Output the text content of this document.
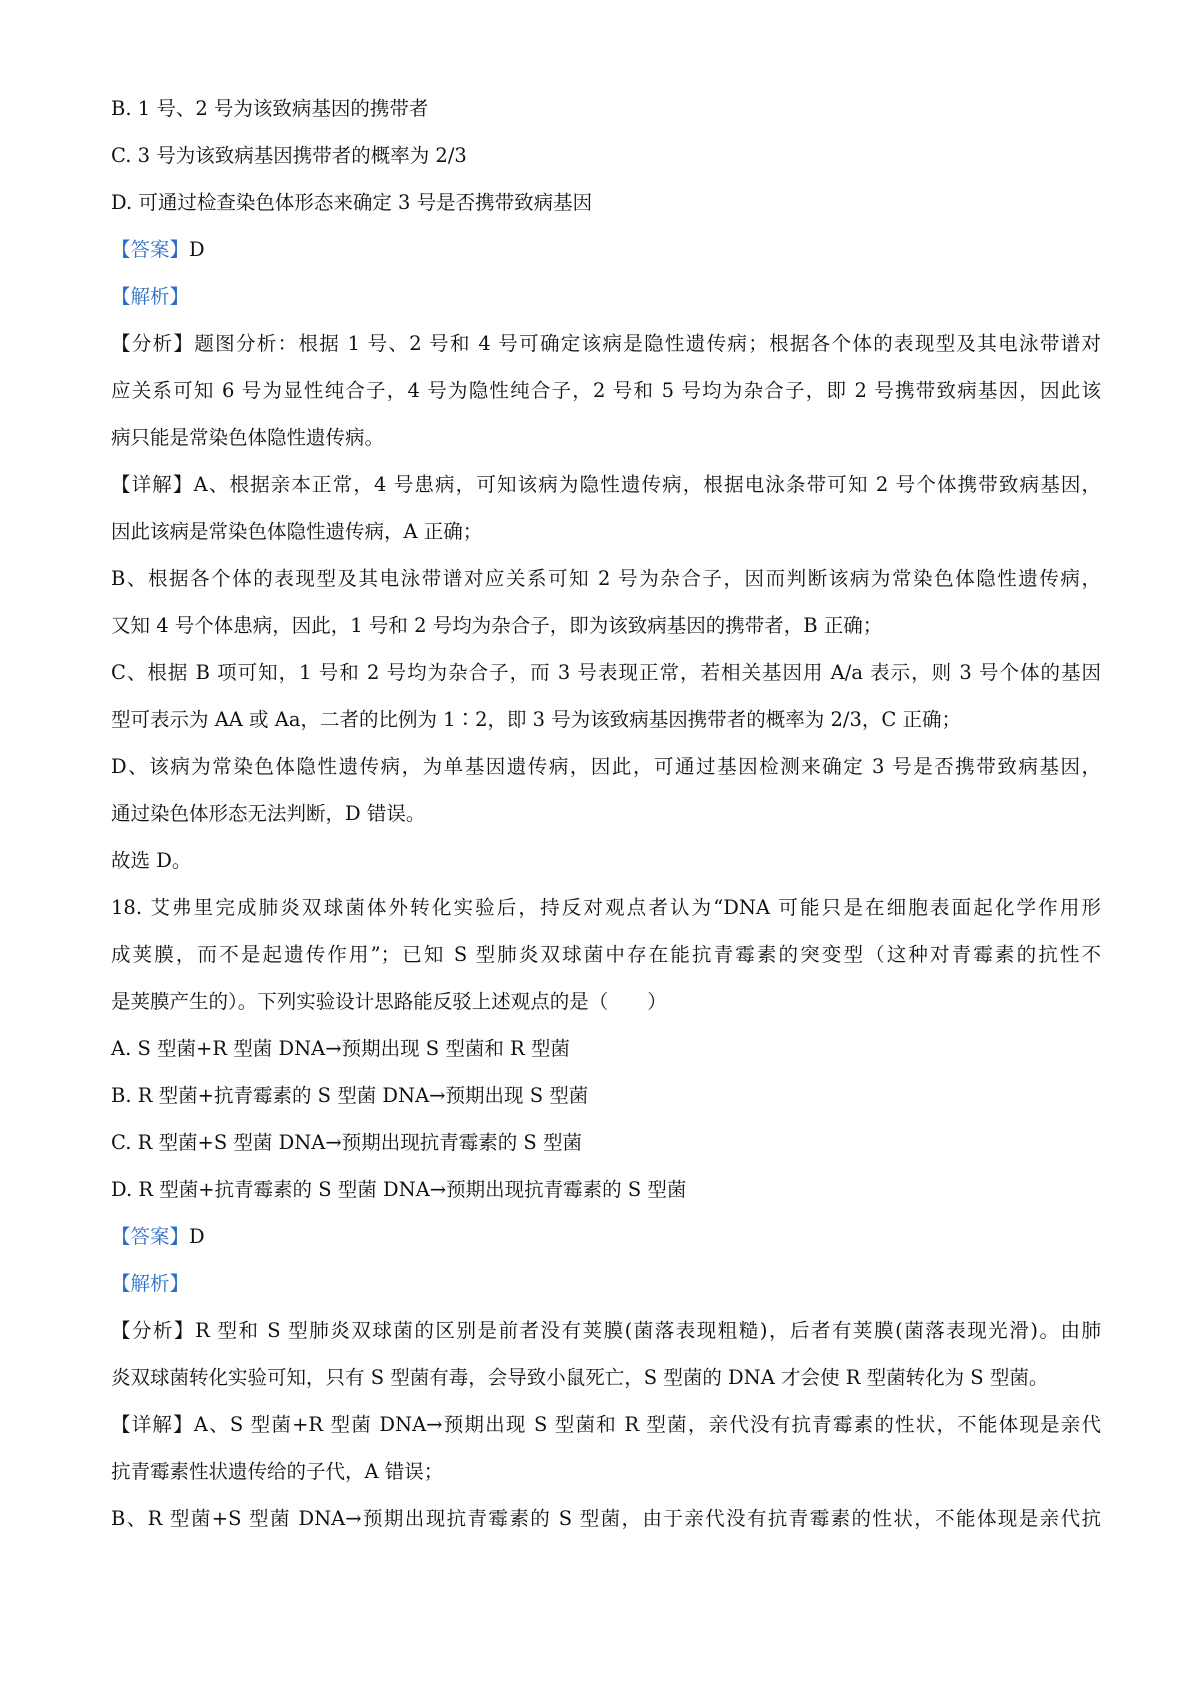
B. 1 号、2 号为该致病基因的携带者
C. 3 号为该致病基因携带者的概率为 2/3
D. 可通过检查染色体形态来确定 3 号是否携带致病基因
【答案】D
【解析】
【分析】题图分析：根据 1 号、2 号和 4 号可确定该病是隐性遗传病；根据各个体的表现型及其电泳带谱对
应关系可知 6 号为显性纯合子，4 号为隐性纯合子，2 号和 5 号均为杂合子，即 2 号携带致病基因，因此该
病只能是常染色体隐性遗传病。
【详解】A、根据亲本正常，4 号患病，可知该病为隐性遗传病，根据电泳条带可知 2 号个体携带致病基因，
因此该病是常染色体隐性遗传病，A 正确；
B、根据各个体的表现型及其电泳带谱对应关系可知 2 号为杂合子，因而判断该病为常染色体隐性遗传病，
又知 4 号个体患病，因此，1 号和 2 号均为杂合子，即为该致病基因的携带者，B 正确；
C、根据 B 项可知，1 号和 2 号均为杂合子，而 3 号表现正常，若相关基因用 A/a 表示，则 3 号个体的基因
型可表示为 AA 或 Aa，二者的比例为 1∶2，即 3 号为该致病基因携带者的概率为 2/3，C 正确；
D、该病为常染色体隐性遗传病，为单基因遗传病，因此，可通过基因检测来确定 3 号是否携带致病基因，
通过染色体形态无法判断，D 错误。
故选 D。
18. 艾弗里完成肺炎双球菌体外转化实验后，持反对观点者认为“DNA 可能只是在细胞表面起化学作用形
成荚膜，而不是起遗传作用”；已知 S 型肺炎双球菌中存在能抗青霉素的突变型（这种对青霉素的抗性不
是荚膜产生的）。下列实验设计思路能反驳上述观点的是（　　）
A. S 型菌+R 型菌 DNA→预期出现 S 型菌和 R 型菌
B. R 型菌+抗青霉素的 S 型菌 DNA→预期出现 S 型菌
C. R 型菌+S 型菌 DNA→预期出现抗青霉素的 S 型菌
D. R 型菌+抗青霉素的 S 型菌 DNA→预期出现抗青霉素的 S 型菌
【答案】D
【解析】
【分析】R 型和 S 型肺炎双球菌的区别是前者没有荚膜(菌落表现粗糙)，后者有荚膜(菌落表现光滑)。由肺
炎双球菌转化实验可知，只有 S 型菌有毒，会导致小鼠死亡，S 型菌的 DNA 才会使 R 型菌转化为 S 型菌。
【详解】A、S 型菌+R 型菌 DNA→预期出现 S 型菌和 R 型菌，亲代没有抗青霉素的性状，不能体现是亲代
抗青霉素性状遗传给的子代，A 错误；
B、R 型菌+S 型菌 DNA→预期出现抗青霉素的 S 型菌，由于亲代没有抗青霉素的性状，不能体现是亲代抗
